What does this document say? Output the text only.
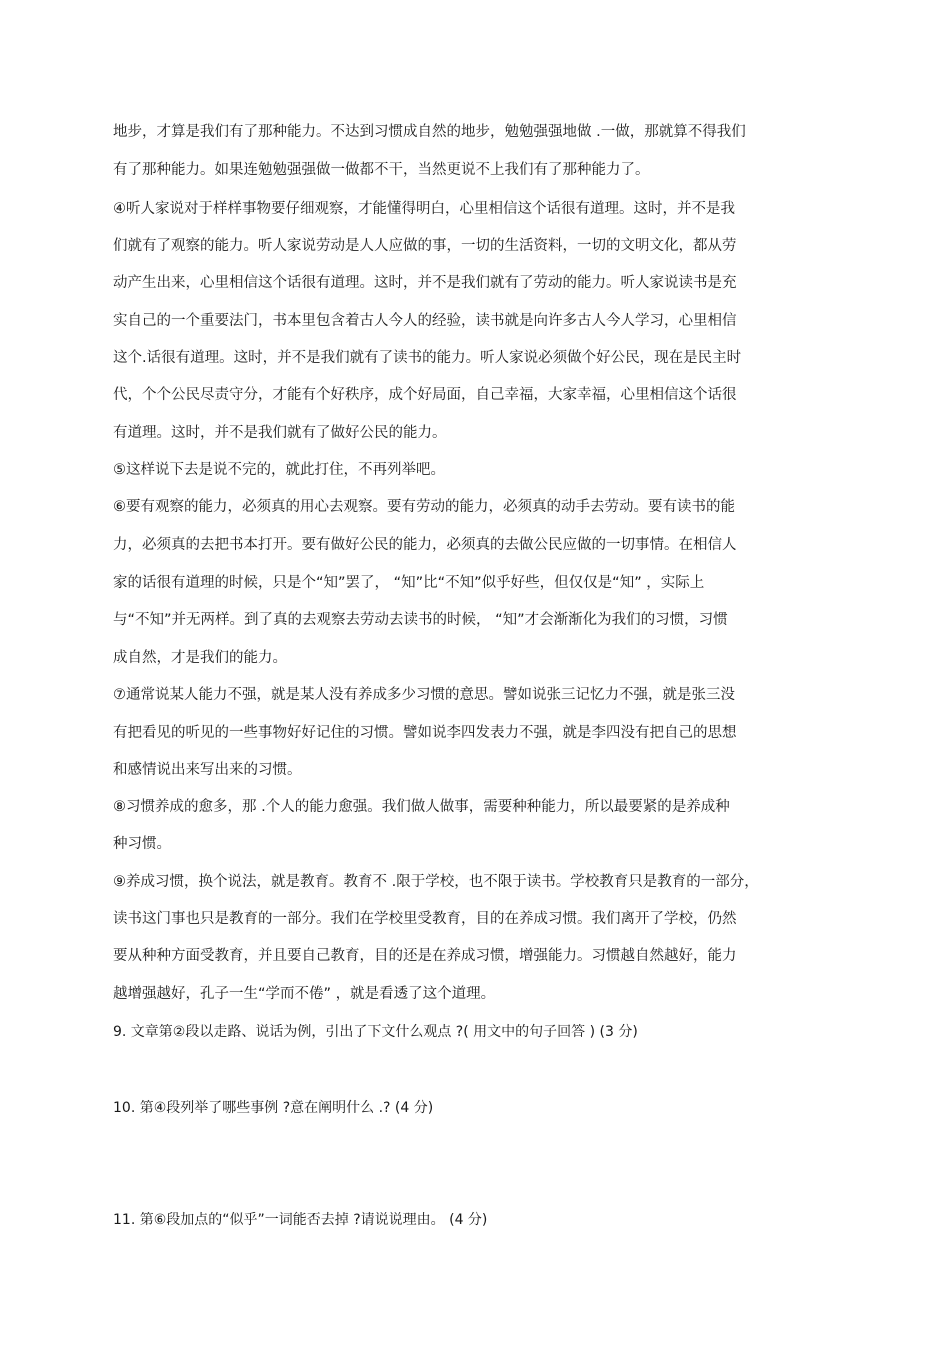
地步，才算是我们有了那种能力。不达到习惯成自然的地步，勉勉强强地做 .一做，那就算不得我们

有了那种能力。如果连勉勉强强做一做都不干，当然更说不上我们有了那种能力了。

④听人家说对于样样事物要仔细观察，才能懂得明白，心里相信这个话很有道理。这时，并不是我

们就有了观察的能力。听人家说劳动是人人应做的事，一切的生活资料，一切的文明文化，都从劳

动产生出来，心里相信这个话很有道理。这时，并不是我们就有了劳动的能力。听人家说读书是充

实自己的一个重要法门，书本里包含着古人今人的经验，读书就是向许多古人今人学习，心里相信

这个.话很有道理。这时，并不是我们就有了读书的能力。听人家说必须做个好公民，现在是民主时

代，个个公民尽责守分，才能有个好秩序，成个好局面，自己幸福，大家幸福，心里相信这个话很

有道理。这时，并不是我们就有了做好公民的能力。

⑤这样说下去是说不完的，就此打住，不再列举吧。

⑥要有观察的能力，必须真的用心去观察。要有劳动的能力，必须真的动手去劳动。要有读书的能

力，必须真的去把书本打开。要有做好公民的能力，必须真的去做公民应做的一切事情。在相信人

家的话很有道理的时候，只是个“知”罢了， “知”比“不知”似乎好些，但仅仅是“知” ，实际上

与“不知”并无两样。到了真的去观察去劳动去读书的时候， “知”才会渐渐化为我们的习惯，习惯

成自然，才是我们的能力。

⑦通常说某人能力不强，就是某人没有养成多少习惯的意思。譬如说张三记忆力不强，就是张三没

有把看见的听见的一些事物好好记住的习惯。譬如说李四发表力不强，就是李四没有把自己的思想

和感情说出来写出来的习惯。

⑧习惯养成的愈多，那 .个人的能力愈强。我们做人做事，需要种种能力，所以最要紧的是养成种

种习惯。

⑨养成习惯，换个说法，就是教育。教育不 .限于学校，也不限于读书。学校教育只是教育的一部分，

读书这门事也只是教育的一部分。我们在学校里受教育，目的在养成习惯。我们离开了学校，仍然

要从种种方面受教育，并且要自己教育，目的还是在养成习惯，增强能力。习惯越自然越好，能力

越增强越好，孔子一生“学而不倦” ，就是看透了这个道理。

9. 文章第②段以走路、说话为例，引出了下文什么观点 ?( 用文中的句子回答 ) (3 分)

10. 第④段列举了哪些事例 ?意在阐明什么 .? (4 分)

11. 第⑥段加点的“似乎”一词能否去掉 ?请说说理由。 (4 分)
